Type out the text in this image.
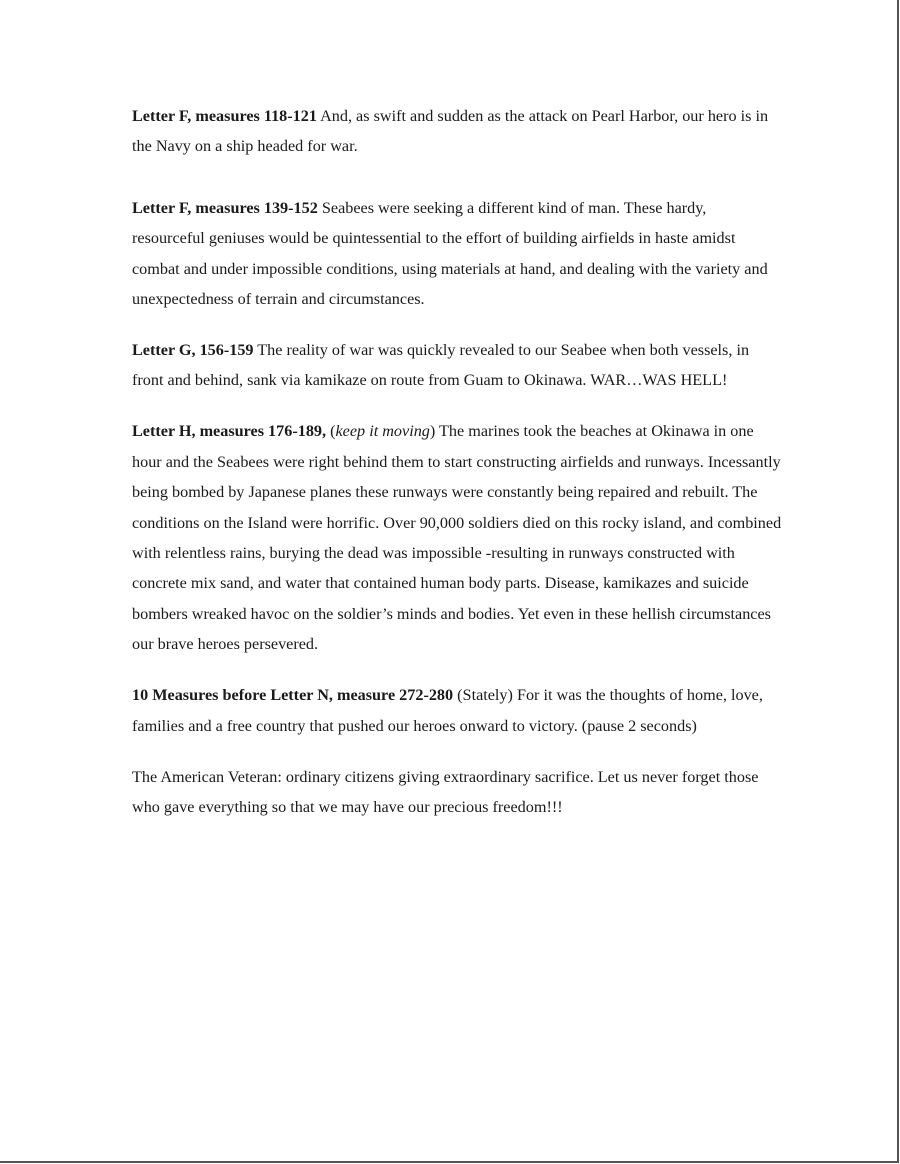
Letter F, measures 118-121 And, as swift and sudden as the attack on Pearl Harbor, our hero is in the Navy on a ship headed for war.

Letter F, measures 139-152 Seabees were seeking a different kind of man. These hardy, resourceful geniuses would be quintessential to the effort of building airfields in haste amidst combat and under impossible conditions, using materials at hand, and dealing with the variety and unexpectedness of terrain and circumstances.

Letter G, 156-159 The reality of war was quickly revealed to our Seabee when both vessels, in front and behind, sank via kamikaze on route from Guam to Okinawa. WAR…WAS HELL!

Letter H, measures 176-189, (keep it moving) The marines took the beaches at Okinawa in one hour and the Seabees were right behind them to start constructing airfields and runways. Incessantly being bombed by Japanese planes these runways were constantly being repaired and rebuilt. The conditions on the Island were horrific. Over 90,000 soldiers died on this rocky island, and combined with relentless rains, burying the dead was impossible -resulting in runways constructed with concrete mix sand, and water that contained human body parts. Disease, kamikazes and suicide bombers wreaked havoc on the soldier’s minds and bodies. Yet even in these hellish circumstances our brave heroes persevered.

10 Measures before Letter N, measure 272-280 (Stately) For it was the thoughts of home, love, families and a free country that pushed our heroes onward to victory. (pause 2 seconds)

The American Veteran: ordinary citizens giving extraordinary sacrifice. Let us never forget those who gave everything so that we may have our precious freedom!!!
